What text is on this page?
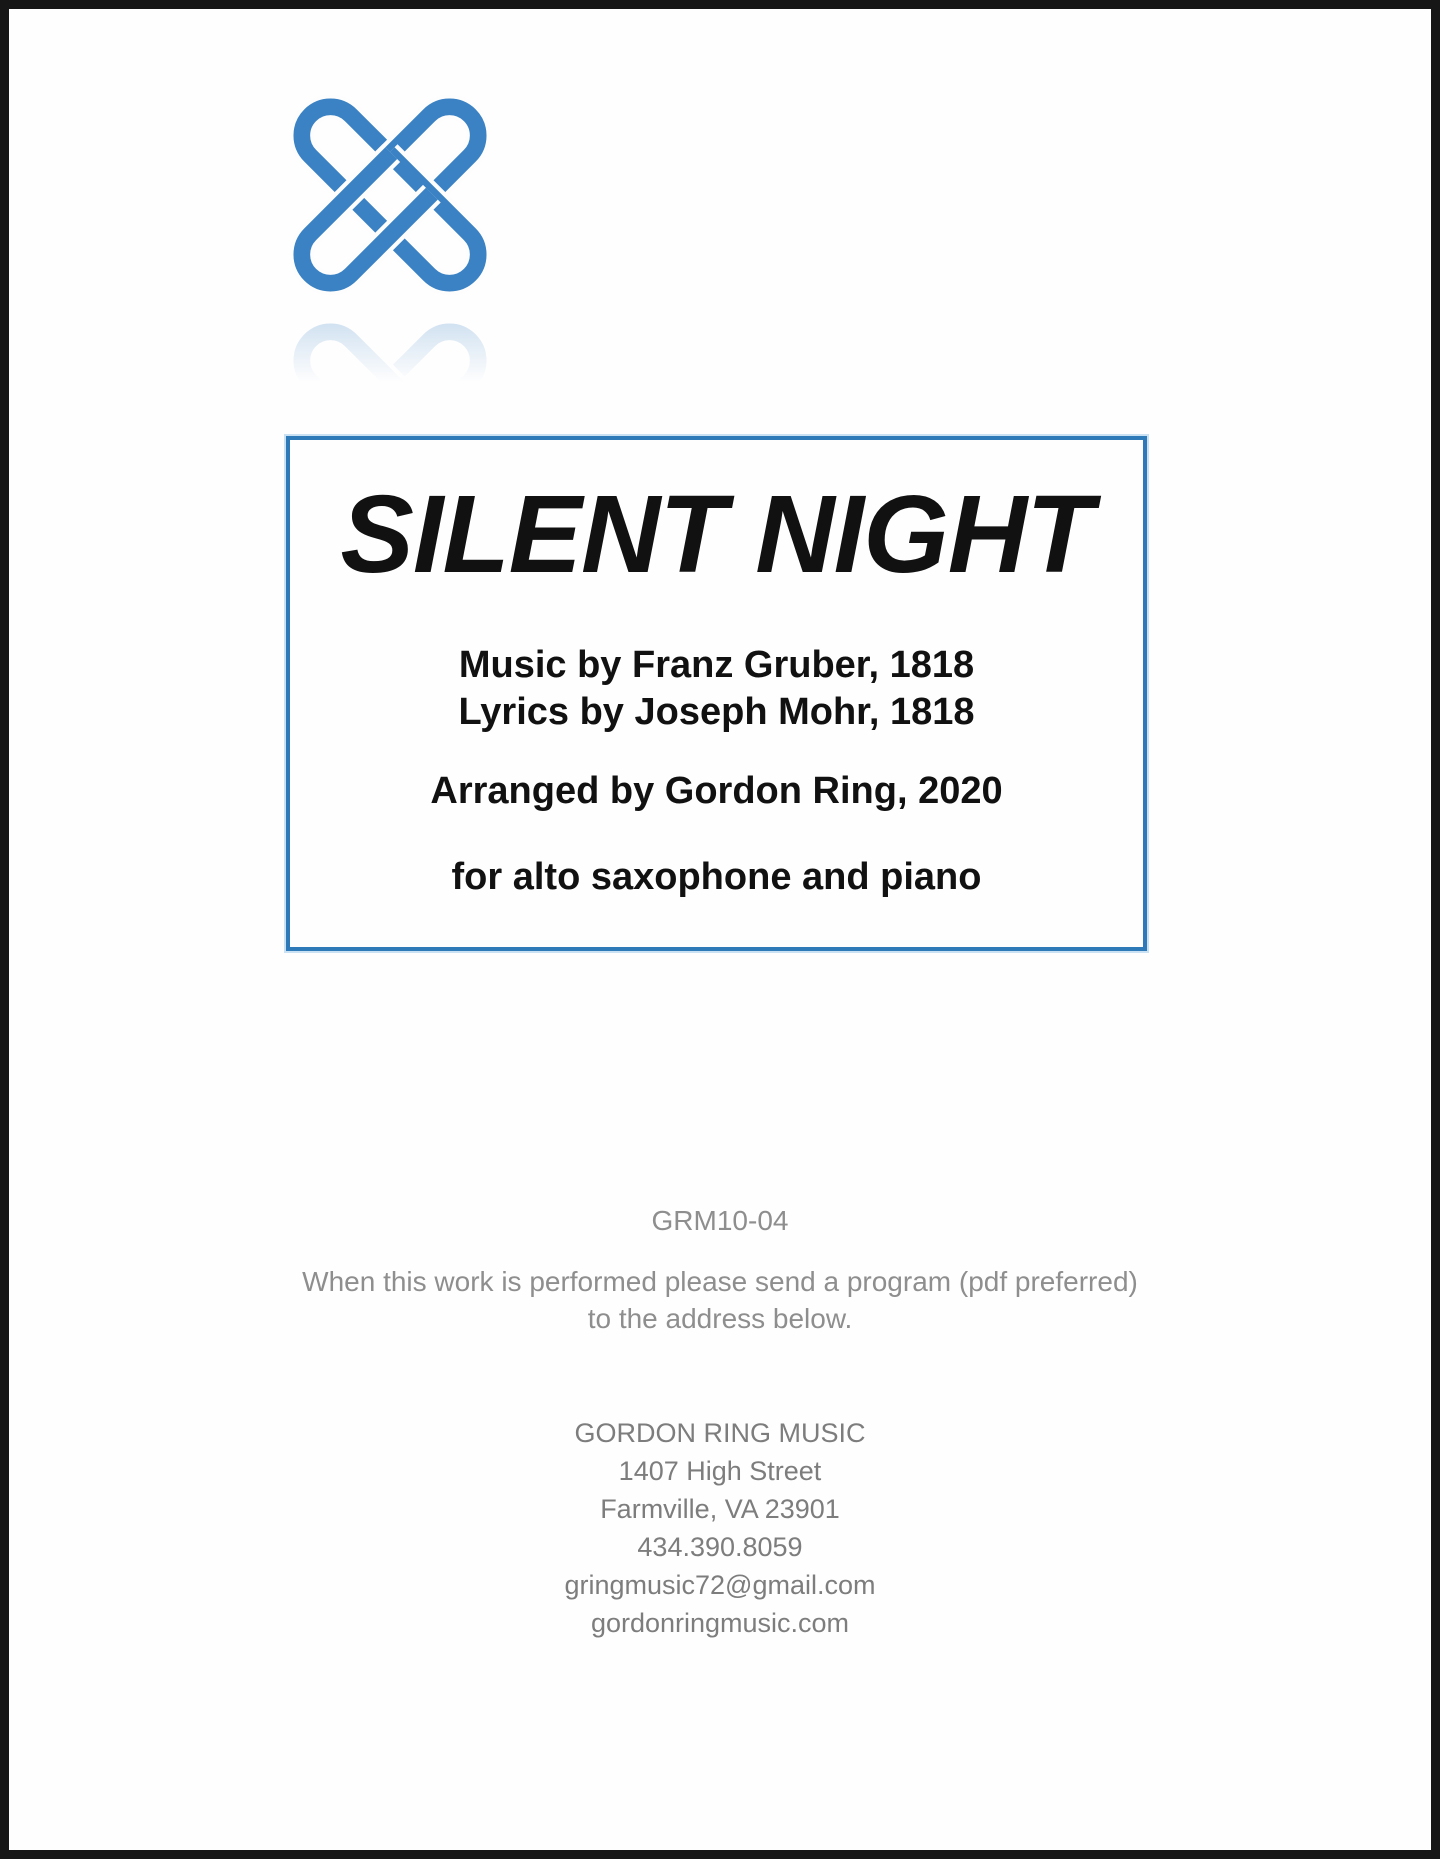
SILENT NIGHT

Music by Franz Gruber, 1818
Lyrics by Joseph Mohr, 1818

Arranged by Gordon Ring, 2020

for alto saxophone and piano

GRM10-04
When this work is performed please send a program (pdf preferred)
to the address below.
GORDON RING MUSIC
1407 High Street
Farmville, VA 23901
434.390.8059
gringmusic72@gmail.com
gordonringmusic.com
